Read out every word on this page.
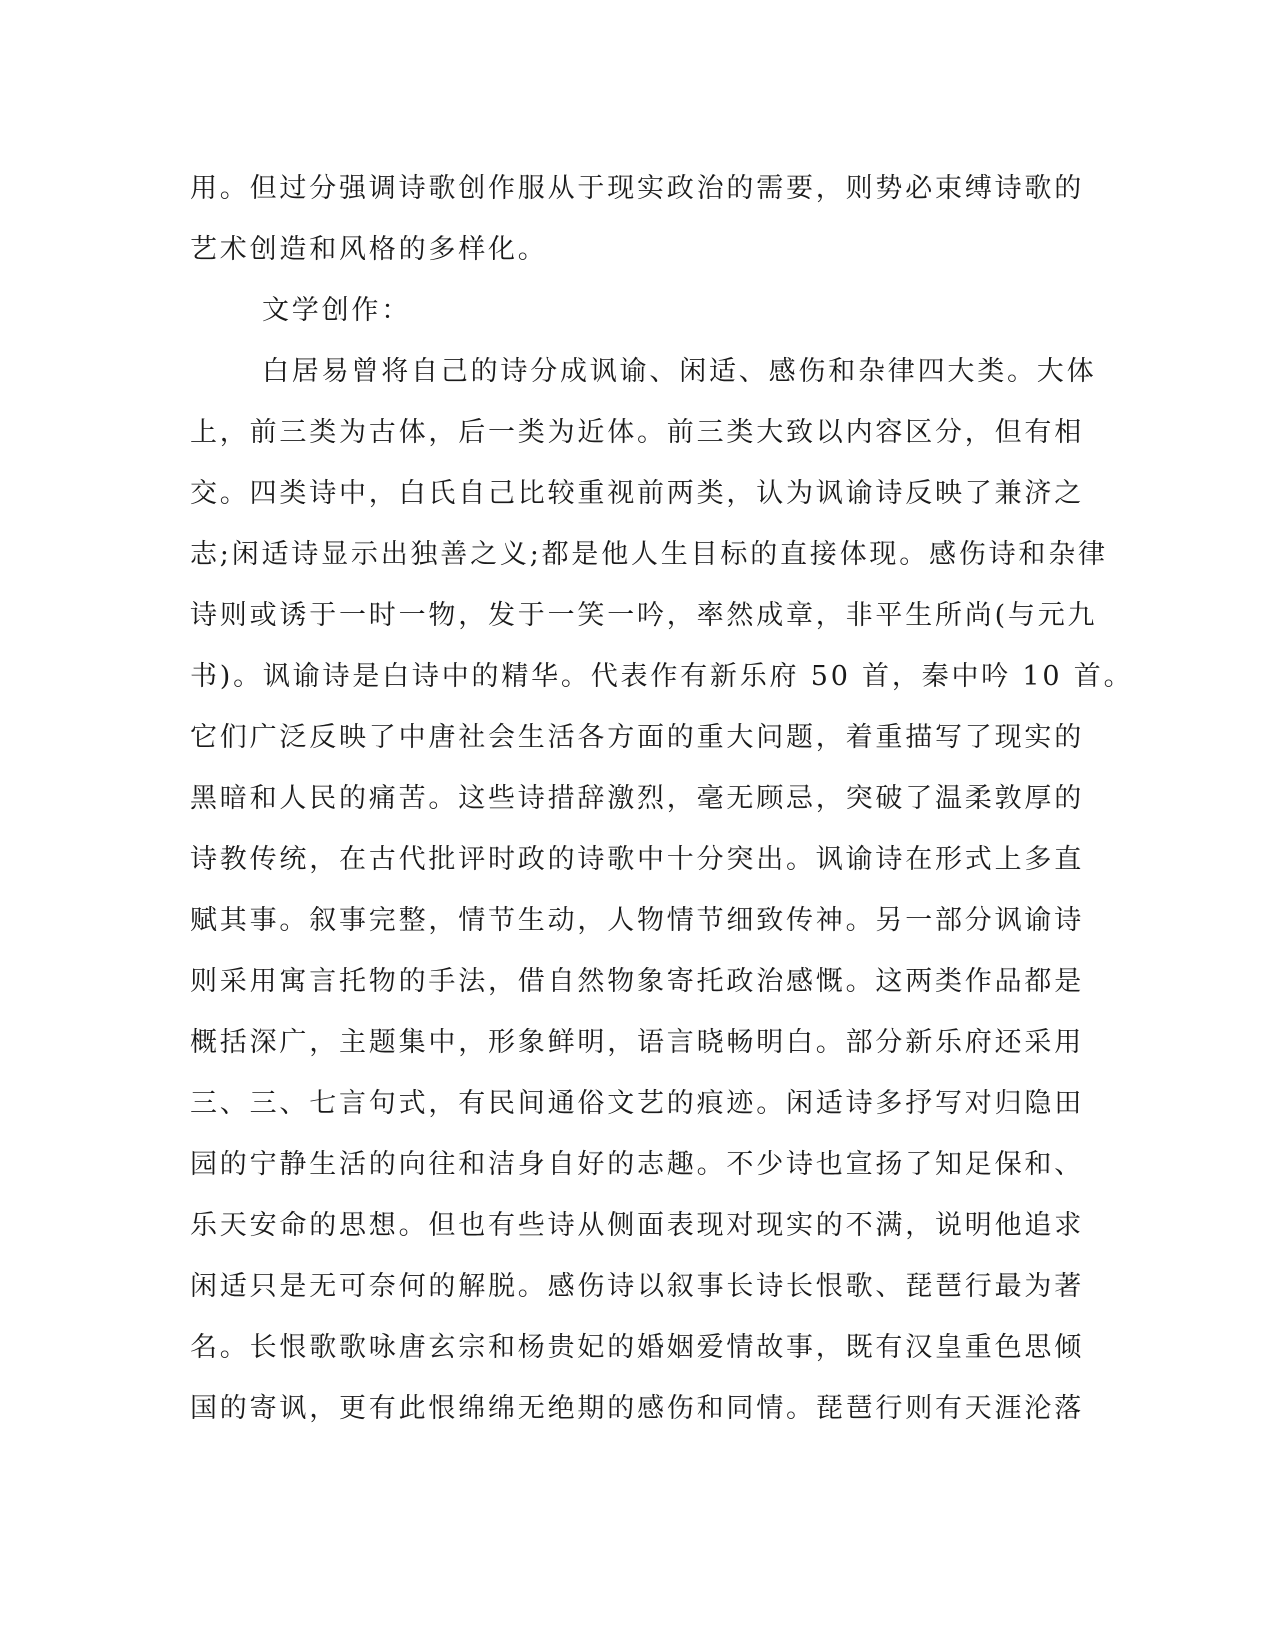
用。但过分强调诗歌创作服从于现实政治的需要，则势必束缚诗歌的
艺术创造和风格的多样化。
文学创作：
白居易曾将自己的诗分成讽谕、闲适、感伤和杂律四大类。大体
上，前三类为古体，后一类为近体。前三类大致以内容区分，但有相
交。四类诗中，白氏自己比较重视前两类，认为讽谕诗反映了兼济之
志;闲适诗显示出独善之义;都是他人生目标的直接体现。感伤诗和杂律
诗则或诱于一时一物，发于一笑一吟，率然成章，非平生所尚(与元九
书)。讽谕诗是白诗中的精华。代表作有新乐府 50 首，秦中吟 10 首。
它们广泛反映了中唐社会生活各方面的重大问题，着重描写了现实的
黑暗和人民的痛苦。这些诗措辞激烈，毫无顾忌，突破了温柔敦厚的
诗教传统，在古代批评时政的诗歌中十分突出。讽谕诗在形式上多直
赋其事。叙事完整，情节生动，人物情节细致传神。另一部分讽谕诗
则采用寓言托物的手法，借自然物象寄托政治感慨。这两类作品都是
概括深广，主题集中，形象鲜明，语言晓畅明白。部分新乐府还采用
三、三、七言句式，有民间通俗文艺的痕迹。闲适诗多抒写对归隐田
园的宁静生活的向往和洁身自好的志趣。不少诗也宣扬了知足保和、
乐天安命的思想。但也有些诗从侧面表现对现实的不满，说明他追求
闲适只是无可奈何的解脱。感伤诗以叙事长诗长恨歌、琵琶行最为著
名。长恨歌歌咏唐玄宗和杨贵妃的婚姻爱情故事，既有汉皇重色思倾
国的寄讽，更有此恨绵绵无绝期的感伤和同情。琵琶行则有天涯沦落
